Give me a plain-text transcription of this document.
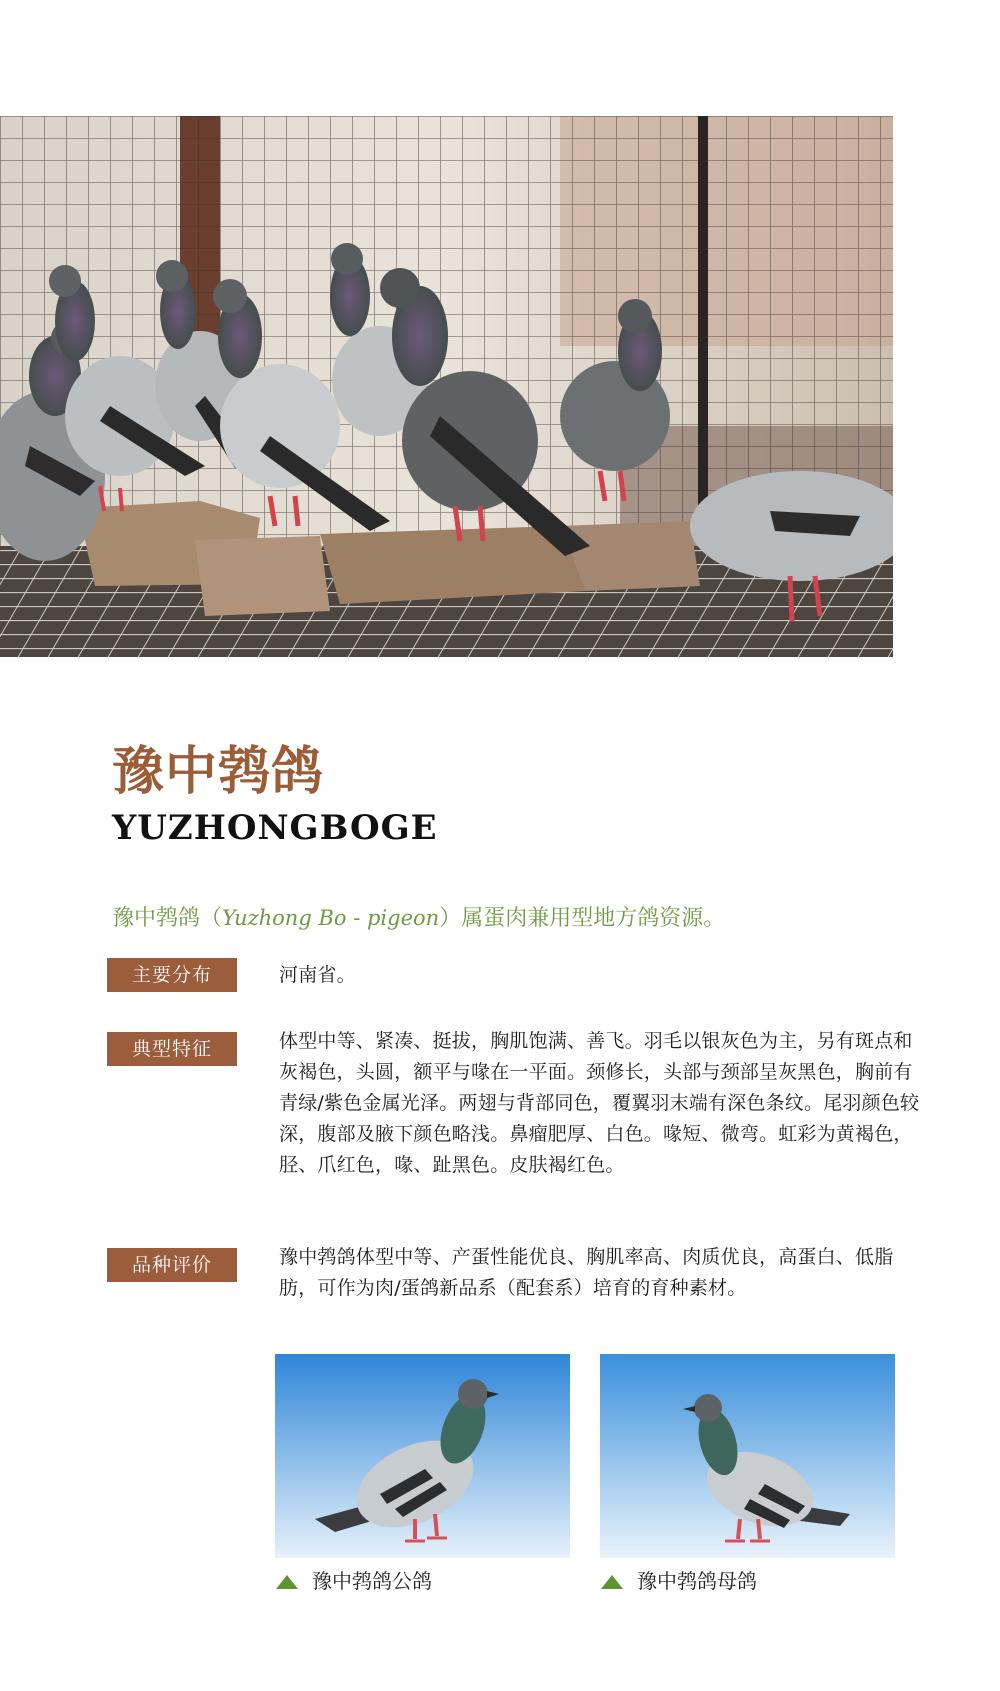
豫中鹁鸽
YUZHONGBOGE
豫中鹁鸽（Yuzhong Bo - pigeon）属蛋肉兼用型地方鸽资源。
主要分布	河南省。
典型特征	体型中等、紧凑、挺拔，胸肌饱满、善飞。羽毛以银灰色为主，另有斑点和灰褐色，头圆，额平与喙在一平面。颈修长，头部与颈部呈灰黑色，胸前有青绿/紫色金属光泽。两翅与背部同色，覆翼羽末端有深色条纹。尾羽颜色较深，腹部及腋下颜色略浅。鼻瘤肥厚、白色。喙短、微弯。虹彩为黄褐色，胫、爪红色，喙、趾黑色。皮肤褐红色。
品种评价	豫中鹁鸽体型中等、产蛋性能优良、胸肌率高、肉质优良，高蛋白、低脂肪，可作为肉/蛋鸽新品系（配套系）培育的育种素材。
豫中鹁鸽公鸽	豫中鹁鸽母鸽
